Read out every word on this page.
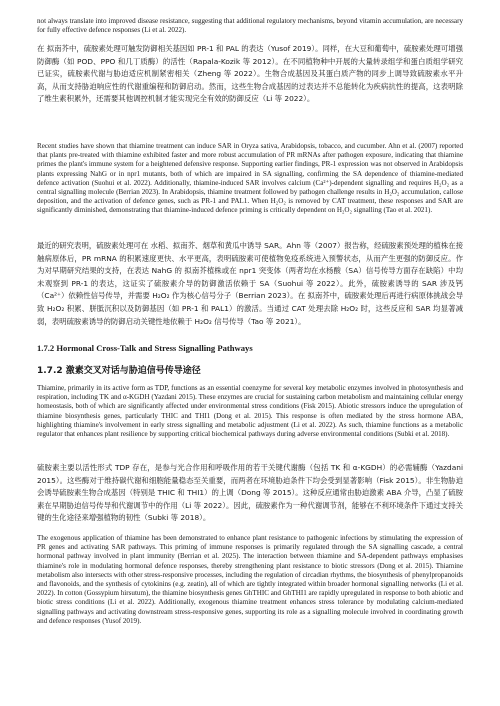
not always translate into improved disease resistance, suggesting that additional regulatory mechanisms, beyond vitamin accumulation, are necessary for fully effective defence responses (Li et al. 2022).

在 拟南芥中，硫胺素处理可触发防御相关基因如 PR-1 和 PAL 的表达（Yusof 2019）。同样，在大豆和葡萄中，硫胺素处理可增强防御酶（如 POD、PPO 和几丁质酶）的活性（Rapala-Kozik 等 2012）。在不同植物种中开展的大量转录组学和蛋白质组学研究已证实，硫胺素代谢与胁迫适应机制紧密相关（Zheng 等 2022）。生物合成基因及其蛋白质产物的同步上调导致硫胺素水平升高，从而支持胁迫响应性的代谢重编程和防御启动。然而，这些生物合成基因的过表达并不总能转化为疾病抗性的提高，这表明除了维生素积累外，还需要其他调控机制才能实现完全有效的防御反应（Li 等 2022）。

Recent studies have shown that thiamine treatment can induce SAR in Oryza sativa, Arabidopsis, tobacco, and cucumber. Ahn et al. (2007) reported that plants pre-treated with thiamine exhibited faster and more robust accumulation of PR mRNAs after pathogen exposure, indicating that thiamine primes the plant's immune system for a heightened defensive response. Supporting earlier findings, PR-1 expression was not observed in Arabidopsis plants expressing NahG or in npr1 mutants, both of which are impaired in SA signalling, confirming the SA dependence of thiamine-mediated defence activation (Suohui et al. 2022). Additionally, thiamine-induced SAR involves calcium (Ca²⁺)-dependent signalling and requires H₂O₂ as a central signalling molecule (Berrian 2023). In Arabidopsis, thiamine treatment followed by pathogen challenge results in H₂O₂ accumulation, callose deposition, and the activation of defence genes, such as PR-1 and PAL1. When H₂O₂ is removed by CAT treatment, these responses and SAR are significantly diminished, demonstrating that thiamine-induced defence priming is critically dependent on H₂O₂ signalling (Tao et al. 2021).

最近的研究表明，硫胺素处理可在 水稻、拟南芥、烟草和黄瓜中诱导 SAR。Ahn 等（2007）报告称，经硫胺素预处理的植株在接触病原体后，PR mRNA 的积累速度更快、水平更高，表明硫胺素可使植物免疫系统进入预警状态，从而产生更强的防御反应。作为对早期研究结果的支持，在表达 NahG 的 拟南芥植株或在 npr1 突变体（两者均在水杨酸（SA）信号传导方面存在缺陷）中均未观察到 PR-1 的表达，这证实了硫胺素介导的防御激活依赖于 SA（Suohui 等 2022）。此外，硫胺素诱导的 SAR 涉及钙（Ca²⁺）依赖性信号传导，并需要 H₂O₂ 作为核心信号分子（Berrian 2023）。在 拟南芥中，硫胺素处理后再进行病原体挑战会导致 H₂O₂ 积累、胼胝沉积以及防御基因（如 PR-1 和 PAL1）的激活。当通过 CAT 处理去除 H₂O₂ 时，这些反应和 SAR 均显著减弱，表明硫胺素诱导的防御启动关键性地依赖于 H₂O₂ 信号传导（Tao 等 2021）。

1.7.2 Hormonal Cross-Talk and Stress Signalling Pathways
1.7.2 激素交叉对话与胁迫信号传导途径

Thiamine, primarily in its active form as TDP, functions as an essential coenzyme for several key metabolic enzymes involved in photosynthesis and respiration, including TK and α-KGDH (Yazdani 2015). These enzymes are crucial for sustaining carbon metabolism and maintaining cellular energy homeostasis, both of which are significantly affected under environmental stress conditions (Fisk 2015). Abiotic stressors induce the upregulation of thiamine biosynthesis genes, particularly THIC and THI1 (Dong et al. 2015). This response is often mediated by the stress hormone ABA, highlighting thiamine's involvement in early stress signalling and metabolic adjustment (Li et al. 2022). As such, thiamine functions as a metabolic regulator that enhances plant resilience by supporting critical biochemical pathways during adverse environmental conditions (Subki et al. 2018).

硫胺素主要以活性形式 TDP 存在，是参与光合作用和呼吸作用的若干关键代谢酶（包括 TK 和 α-KGDH）的必需辅酶（Yazdani 2015）。这些酶对于维持碳代谢和细胞能量稳态至关重要，而两者在环境胁迫条件下均会受到显著影响（Fisk 2015）。非生物胁迫会诱导硫胺素生物合成基因（特别是 THIC 和 THI1）的上调（Dong 等 2015）。这种反应通常由胁迫激素 ABA 介导，凸显了硫胺素在早期胁迫信号传导和代谢调节中的作用（Li 等 2022）。因此，硫胺素作为一种代谢调节剂，能够在不利环境条件下通过支持关键的生化途径来增强植物的韧性（Subki 等 2018）。

The exogenous application of thiamine has been demonstrated to enhance plant resistance to pathogenic infections by stimulating the expression of PR genes and activating SAR pathways. This priming of immune responses is primarily regulated through the SA signalling cascade, a central hormonal pathway involved in plant immunity (Berrian et al. 2025). The interaction between thiamine and SA-dependent pathways emphasises thiamine's role in modulating hormonal defence responses, thereby strengthening plant resistance to biotic stressors (Dong et al. 2015). Thiamine metabolism also intersects with other stress-responsive processes, including the regulation of circadian rhythms, the biosynthesis of phenylpropanoids and flavonoids, and the synthesis of cytokinins (e.g. zeatin), all of which are tightly integrated within broader hormonal signalling networks (Li et al. 2022). In cotton (Gossypium hirsutum), the thiamine biosynthesis genes GhTHIC and GhTHI1 are rapidly upregulated in response to both abiotic and biotic stress conditions (Li et al. 2022). Additionally, exogenous thiamine treatment enhances stress tolerance by modulating calcium-mediated signalling pathways and activating downstream stress-responsive genes, supporting its role as a signalling molecule involved in coordinating growth and defence responses (Yusof 2019).
